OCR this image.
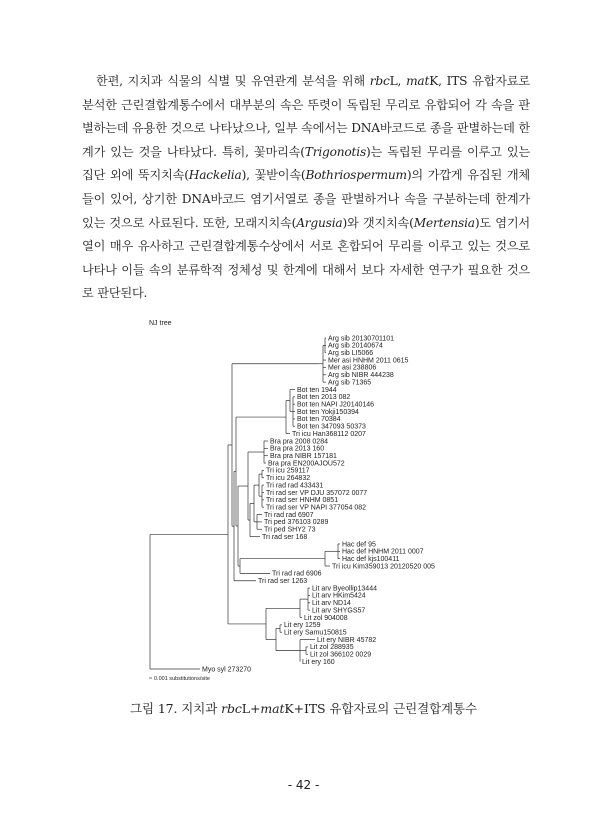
한편, 지치과 식물의 식별 및 유연관계 분석을 위해 rbcL, matK, ITS 유합자료로 분석한 근린결합계통수에서 대부분의 속은 뚜렷이 독립된 무리로 유합되어 각 속을 판별하는데 유용한 것으로 나타났으나, 일부 속에서는 DNA바코드로 종을 판별하는데 한계가 있는 것을 나타났다. 특히, 꽃마리속(Trigonotis)는 독립된 무리를 이루고 있는 집단 외에 뚝지치속(Hackelia), 꽃받이속(Bothriospermum)의 가깝게 유집된 개체들이 있어, 상기한 DNA바코드 염기서열로 종을 판별하거나 속을 구분하는데 한계가 있는 것으로 사료된다. 또한, 모래지치속(Argusia)와 갯지치속(Mertensia)도 염기서열이 매우 유사하고 근린결합계통수상에서 서로 혼합되어 무리를 이루고 있는 것으로 나타나 이들 속의 분류학적 정체성 및 한계에 대해서 보다 자세한 연구가 필요한 것으로 판단된다.

NJ tree
Arg sib 20130701101
Arg sib 20140674
Arg sib LI5066
Mer asi HNHM 2011 0615
Mer asi 238806
Arg sib NIBR 444238
Arg sib 71365
Bot ten 1944
Bot ten 2013 082
Bot ten NAPI J20140146
Bot ten Yokji150394
Bot ten 70384
Bot ten 347093 50373
Tri icu Han368112 0207
Bra pra 2008 0284
Bra pra 2013 160
Bra pra NIBR 157181
Bra pra EN200AJOU572
Tri icu 259117
Tri icu 264832
Tri rad rad 433431
Tri rad ser VP DJU 357072 0077
Tri rad ser HNHM 0851
Tri rad ser VP NAPI 377054 082
Tri rad rad 6907
Tri ped 376103 0289
Tri ped SHY2 73
Tri rad ser 168
Hac def 95
Hac def HNHM 2011 0007
Hac def kjs100411
Tri icu Kim359013 20120520 005
Tri rad rad 6906
Tri rad ser 1263
Lit arv Byeollip13444
Lit arv HKim5424
Lit arv ND14
Lit arv SHYGS57
Lit zol 904008
Lit ery 1259
Lit ery Samu150815
Lit ery NIBR 45782
Lit zol 288935
Lit zol 366102 0029
Lit ery 160
Myo syl 273270
0.001 substitutions/site
그림 17. 지치과 rbcL+matK+ITS 유합자료의 근린결합계통수
- 42 -
